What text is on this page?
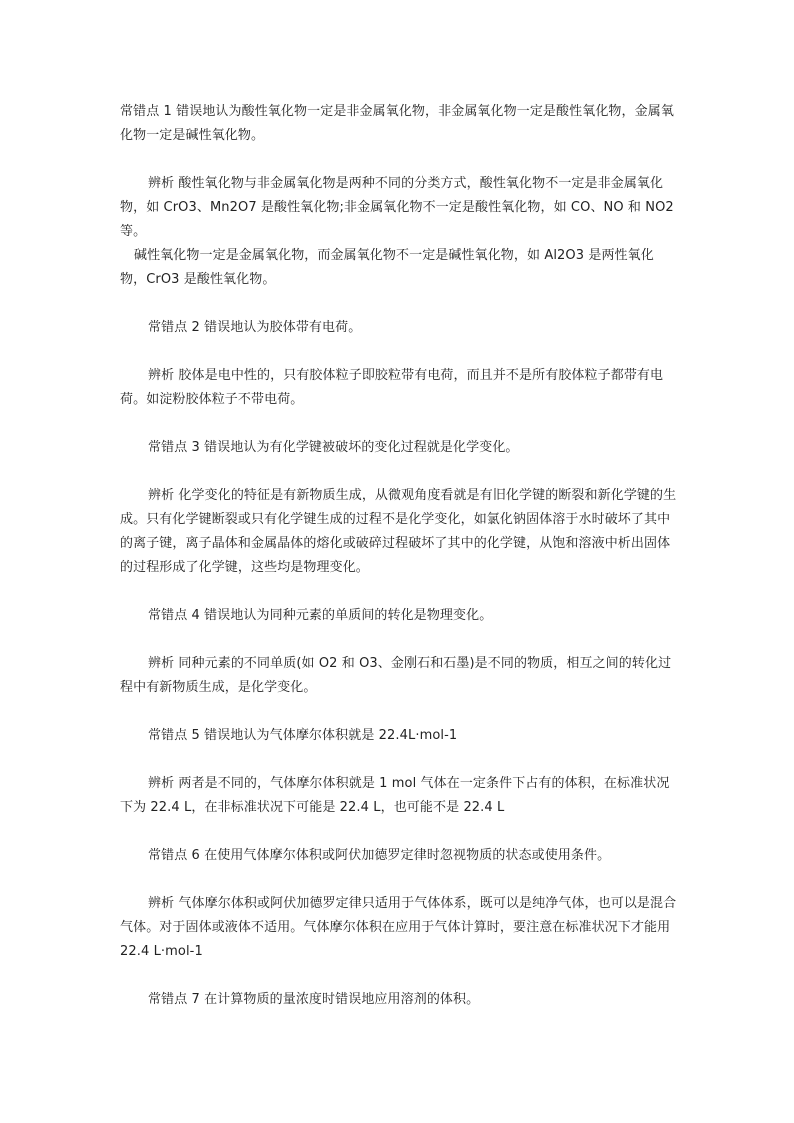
常错点 1 错误地认为酸性氧化物一定是非金属氧化物，非金属氧化物一定是酸性氧化物，金属氧化物一定是碱性氧化物。

辨析 酸性氧化物与非金属氧化物是两种不同的分类方式，酸性氧化物不一定是非金属氧化物，如 CrO3、Mn2O7 是酸性氧化物;非金属氧化物不一定是酸性氧化物，如 CO、NO 和 NO2 等。

碱性氧化物一定是金属氧化物，而金属氧化物不一定是碱性氧化物，如 Al2O3 是两性氧化物，CrO3 是酸性氧化物。

常错点 2 错误地认为胶体带有电荷。

辨析 胶体是电中性的，只有胶体粒子即胶粒带有电荷，而且并不是所有胶体粒子都带有电荷。如淀粉胶体粒子不带电荷。

常错点 3 错误地认为有化学键被破坏的变化过程就是化学变化。

辨析 化学变化的特征是有新物质生成，从微观角度看就是有旧化学键的断裂和新化学键的生成。只有化学键断裂或只有化学键生成的过程不是化学变化，如氯化钠固体溶于水时破坏了其中的离子键，离子晶体和金属晶体的熔化或破碎过程破坏了其中的化学键，从饱和溶液中析出固体的过程形成了化学键，这些均是物理变化。

常错点 4 错误地认为同种元素的单质间的转化是物理变化。

辨析 同种元素的不同单质(如 O2 和 O3、金刚石和石墨)是不同的物质，相互之间的转化过程中有新物质生成，是化学变化。

常错点 5 错误地认为气体摩尔体积就是 22.4L·mol-1

辨析 两者是不同的，气体摩尔体积就是 1 mol 气体在一定条件下占有的体积，在标准状况下为 22.4 L，在非标准状况下可能是 22.4 L，也可能不是 22.4 L

常错点 6 在使用气体摩尔体积或阿伏加德罗定律时忽视物质的状态或使用条件。

辨析 气体摩尔体积或阿伏加德罗定律只适用于气体体系，既可以是纯净气体，也可以是混合气体。对于固体或液体不适用。气体摩尔体积在应用于气体计算时，要注意在标准状况下才能用 22.4 L·mol-1

常错点 7 在计算物质的量浓度时错误地应用溶剂的体积。
